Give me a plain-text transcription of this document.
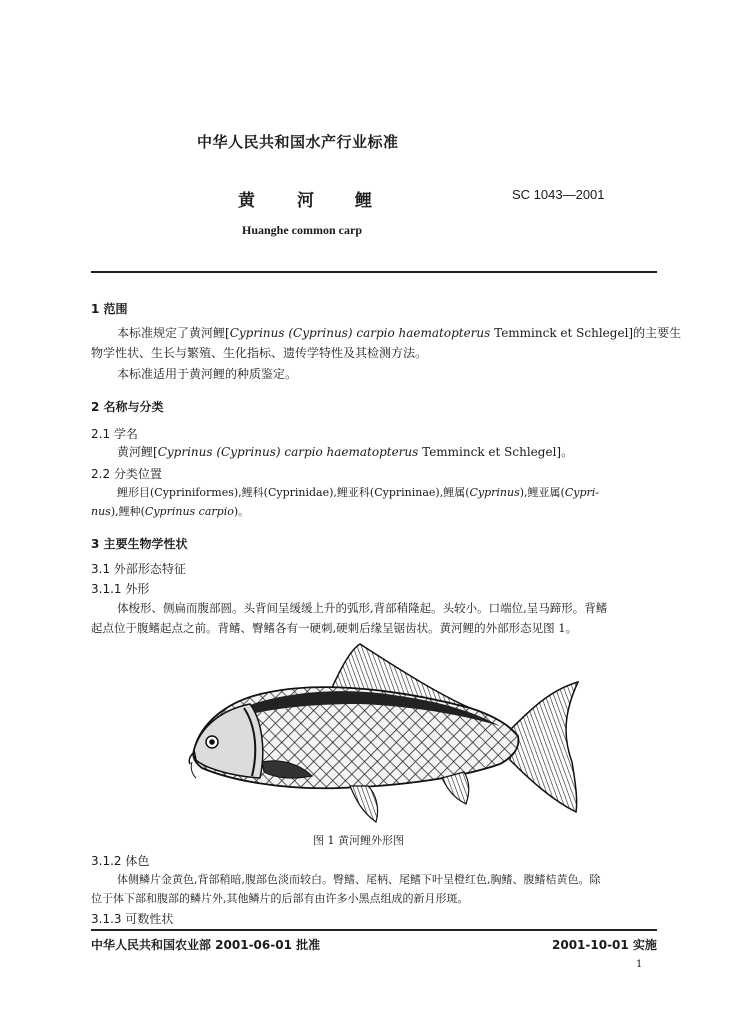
中华人民共和国水产行业标准
黄 河 鲤	SC 1043—2001
Huanghe common carp
1 范围
本标准规定了黄河鲤[Cyprinus (Cyprinus) carpio haematopterus Temminck et Schlegel]的主要生
物学性状、生长与繁殖、生化指标、遗传学特性及其检测方法。
本标准适用于黄河鲤的种质鉴定。
2 名称与分类
2.1 学名
黄河鲤[Cyprinus (Cyprinus) carpio haematopterus Temminck et Schlegel]。
2.2 分类位置
鲤形目(Cypriniformes),鲤科(Cyprinidae),鲤亚科(Cyprininae),鲤属(Cyprinus),鲤亚属(Cypri-
nus),鲤种(Cyprinus carpio)。
3 主要生物学性状
3.1 外部形态特征
3.1.1 外形
体梭形、侧扁而腹部圆。头背间呈缓缓上升的弧形,背部稍隆起。头较小。口端位,呈马蹄形。背鳍
起点位于腹鳍起点之前。背鳍、臀鳍各有一硬刺,硬刺后缘呈锯齿状。黄河鲤的外部形态见图 1。
图 1 黄河鲤外形图
3.1.2 体色
体侧鳞片金黄色,背部稍暗,腹部色淡而较白。臀鳍、尾柄、尾鳍下叶呈橙红色,胸鳍、腹鳍桔黄色。除
位于体下部和腹部的鳞片外,其他鳞片的后部有由许多小黑点组成的新月形斑。
3.1.3 可数性状
中华人民共和国农业部 2001-06-01 批准	2001-10-01 实施
1
